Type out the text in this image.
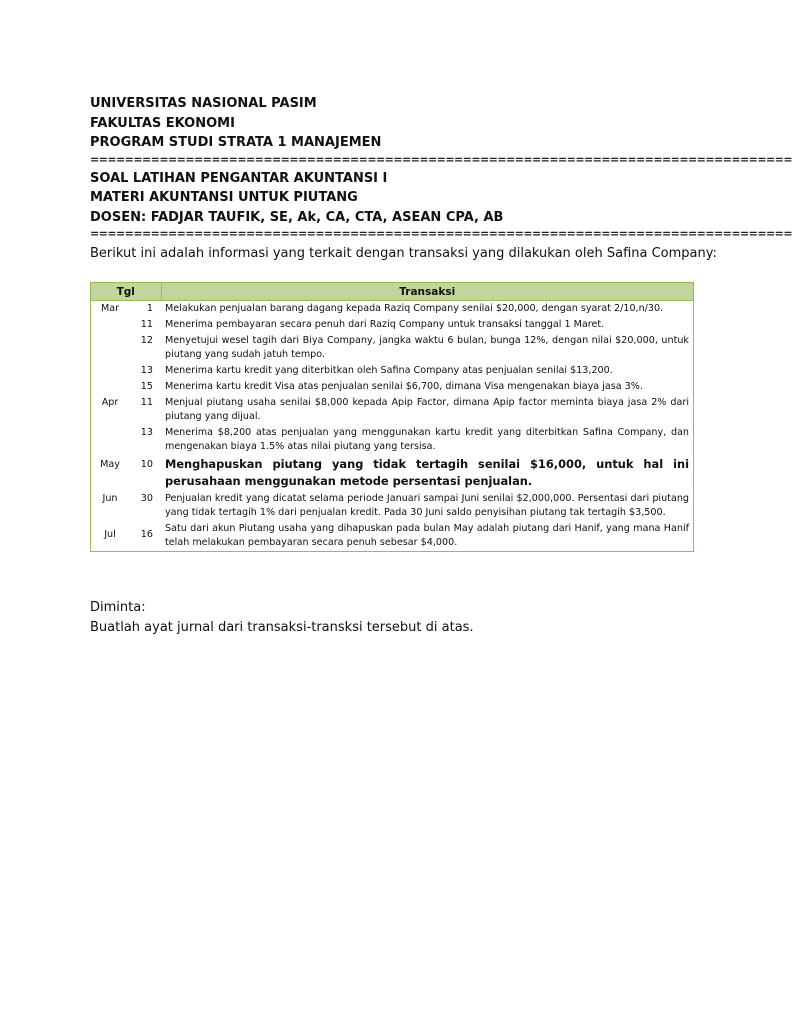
UNIVERSITAS NASIONAL PASIM
FAKULTAS EKONOMI
PROGRAM STUDI STRATA 1 MANAJEMEN
=================================================================================
SOAL LATIHAN PENGANTAR AKUNTANSI I
MATERI AKUNTANSI UNTUK PIUTANG
DOSEN: FADJAR TAUFIK, SE, Ak, CA, CTA, ASEAN CPA, AB
=================================================================================
Berikut ini adalah informasi yang terkait dengan transaksi yang dilakukan oleh Safina Company:
Tgl		Transaksi
Mar	1	Melakukan penjualan barang dagang kepada Raziq Company senilai $20,000, dengan syarat 2/10,n/30.
	11	Menerima pembayaran secara penuh dari Raziq Company untuk transaksi tanggal 1 Maret.
	12	Menyetujui wesel tagih dari Biya Company, jangka waktu 6 bulan, bunga 12%, dengan nilai $20,000, untuk piutang yang sudah jatuh tempo.
	13	Menerima kartu kredit yang diterbitkan oleh Safina Company atas penjualan senilai $13,200.
	15	Menerima kartu kredit Visa atas penjualan senilai $6,700, dimana Visa mengenakan biaya jasa 3%.
Apr	11	Menjual piutang usaha senilai $8,000 kepada Apip Factor, dimana Apip factor meminta biaya jasa 2% dari piutang yang dijual.
	13	Menerima $8,200 atas penjualan yang menggunakan kartu kredit yang diterbitkan Safina Company, dan mengenakan biaya 1.5% atas nilai piutang yang tersisa.
May	10	Menghapuskan piutang yang tidak tertagih senilai $16,000, untuk hal ini perusahaan menggunakan metode persentasi penjualan.
Jun	30	Penjualan kredit yang dicatat selama periode Januari sampai Juni senilai $2,000,000. Persentasi dari piutang yang tidak tertagih 1% dari penjualan kredit. Pada 30 Juni saldo penyisihan piutang tak tertagih $3,500.
Jul	16	Satu dari akun Piutang usaha yang dihapuskan pada bulan May adalah piutang dari Hanif, yang mana Hanif telah melakukan pembayaran secara penuh sebesar $4,000.
Diminta:
Buatlah ayat jurnal dari transaksi-transksi tersebut di atas.
